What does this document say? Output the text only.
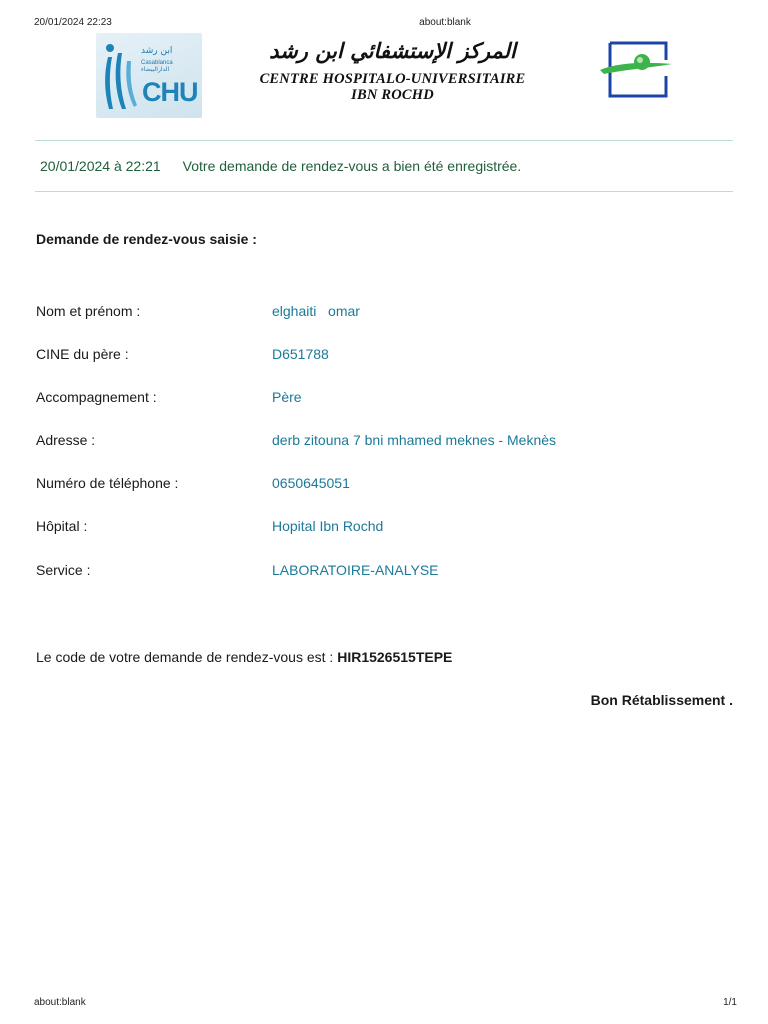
20/01/2024 22:23	about:blank
ابن رشد
Casablanca الدارالبيضاء
CHU
المركز الإستشفائي ابن رشد
CENTRE HOSPITALO-UNIVERSITAIRE
IBN ROCHD
20/01/2024 à 22:21 Votre demande de rendez-vous a bien été enregistrée.
Demande de rendez-vous saisie :
Nom et prénom :	elghaiti   omar
CINE du père :	D651788
Accompagnement :	Père
Adresse :	derb zitouna 7 bni mhamed meknes - Meknès
Numéro de téléphone :	0650645051
Hôpital :	Hopital Ibn Rochd
Service :	LABORATOIRE-ANALYSE
Le code de votre demande de rendez-vous est : HIR1526515TEPE
Bon Rétablissement .
about:blank	1/1
